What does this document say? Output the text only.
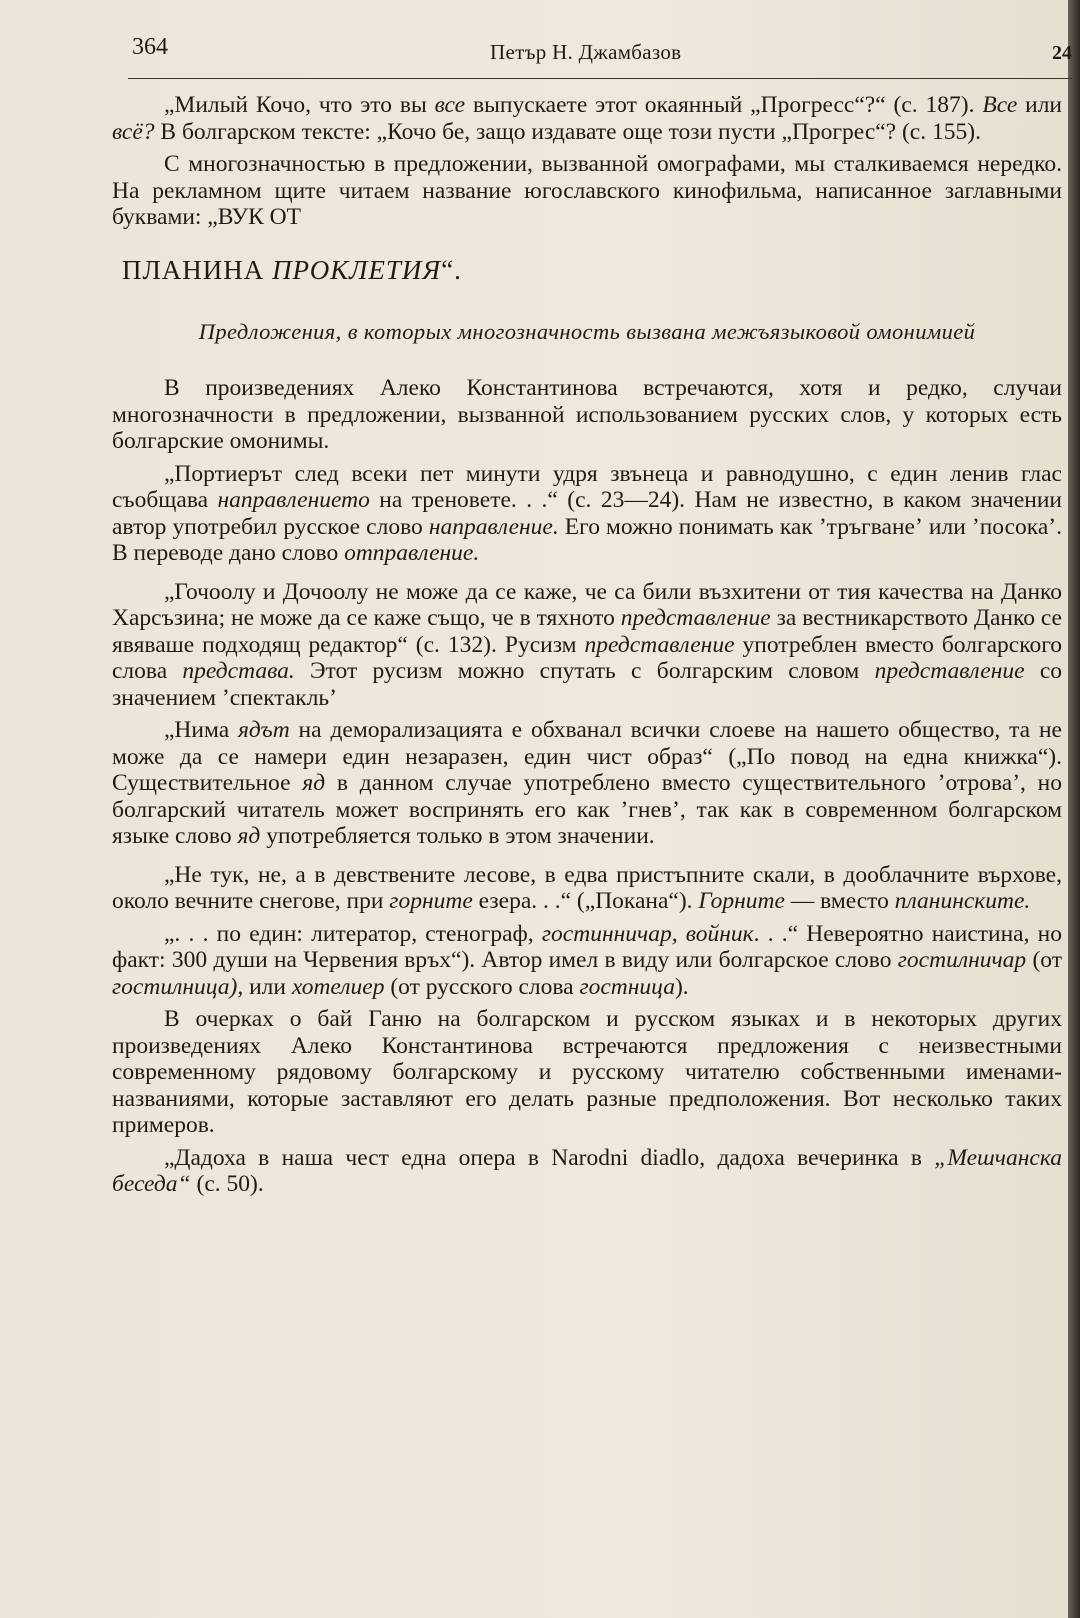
364	Петър Н. Джамбазов	24

„Милый Кочо, что это вы все выпускаете этот окаянный „Прогресс“?“ (с. 187). Все или всё? В болгарском тексте: „Кочо бе, защо издавате още този пусти „Прогрес“? (с. 155).

С многозначностью в предложении, вызванной омографами, мы сталкиваемся нередко. На рекламном щите читаем название югославского кинофильма, написанное заглавными буквами: „ВУК ОТ

ПЛАНИНА ПРОКЛЕТИЯ“.

Предложения, в которых многозначность вызвана межъязыковой омонимией

В произведениях Алеко Константинова встречаются, хотя и редко, случаи многозначности в предложении, вызванной использованием русских слов, у которых есть болгарские омонимы.

„Портиерът след всеки пет минути удря звънеца и равнодушно, с един ленив глас съобщава направлението на треновете. . .“ (с. 23—24). Нам не известно, в каком значении автор употребил русское слово направление. Его можно понимать как ʼтръгванеʼ или ʼпосокаʼ. В переводе дано слово отправление.

„Гочоолу и Дочоолу не може да се каже, че са били възхитени от тия качества на Данко Харсъзина; не може да се каже също, че в тяхното представление за вестникарството Данко се явяваше подходящ редактор“ (с. 132). Русизм представление употреблен вместо болгарского слова представа. Этот русизм можно спутать с болгарским словом представление со значением ʼспектакльʼ

„Нима ядът на деморализацията е обхванал всички слоеве на нашето общество, та не може да се намери един незаразен, един чист образ“ („По повод на една книжка“). Существительное яд в данном случае употреблено вместо существительного ʼотроваʼ, но болгарский читатель может воспринять его как ʼгневʼ, так как в современном болгарском языке слово яд употребляется только в этом значении.

„Не тук, не, а в девствените лесове, в едва пристъпните скали, в дооблачните върхове, около вечните снегове, при горните езера. . .“ („Покана“). Горните — вместо планинските.

„. . . по един: литератор, стенограф, гостинничар, войник. . .“ Невероятно наистина, но факт: 300 души на Червения връх“). Автор имел в виду или болгарское слово гостилничар (от гостилница), или хотелиер (от русского слова гостница).

В очерках о бай Ганю на болгарском и русском языках и в некоторых других произведениях Алеко Константинова встречаются предложения с неизвестными современному рядовому болгарскому и русскому читателю собственными именами-названиями, которые заставляют его делать разные предположения. Вот несколько таких примеров.

„Дадоха в наша чест една опера в Narodni diadlo, дадоха вечеринка в „Мешчанска беседа“ (с. 50).
